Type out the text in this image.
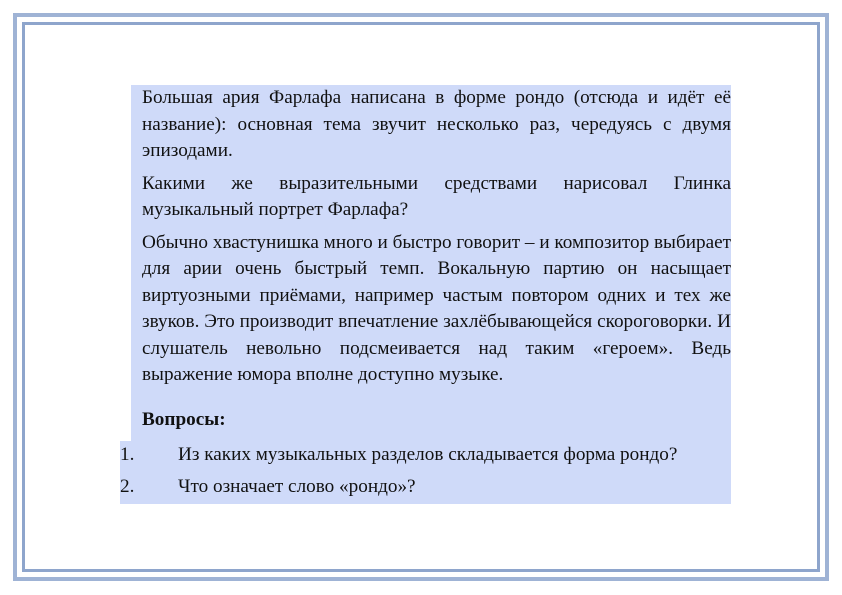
Большая ария Фарлафа написана в форме рондо (отсюда и идёт её название): основная тема звучит несколько раз, чередуясь с двумя эпизодами.

Какими же выразительными средствами нарисовал Глинка музыкальный портрет Фарлафа?

Обычно хвастунишка много и быстро говорит – и композитор выбирает для арии очень быстрый темп. Вокальную партию он насыщает виртуозными приёмами, например частым повтором одних и тех же звуков. Это производит впечатление захлёбывающейся скороговорки. И слушатель невольно подсмеивается над таким «героем». Ведь выражение юмора вполне доступно музыке.

Вопросы:
1.	Из каких музыкальных разделов складывается форма рондо?
2.	Что означает слово «рондо»?
